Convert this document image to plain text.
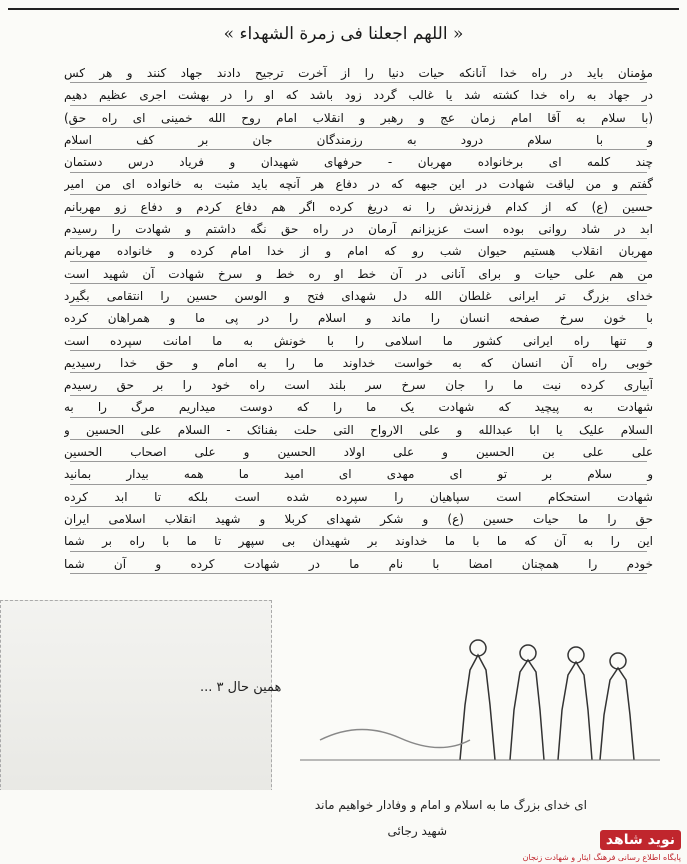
« اللهم اجعلنا فی زمرة الشهداء »
مؤمنان باید در راه خدا آنانکه حیات دنیا را از آخرت ترجیح دادند جهاد کنند و هر کس
در جهاد به راه خدا کشته شد یا غالب گردد زود باشد که او را در بهشت اجری عظیم دهیم
(با سلام به آقا امام زمان عج و رهبر و انقلاب امام روح الله خمینی ای راه حق)
و با سلام درود به رزمندگان جان بر کف اسلام
چند کلمه ای برخانواده مهربان - حرفهای شهیدان و فریاد درس دستمان
گفتم و من لیاقت شهادت در این جبهه که در دفاع هر آنچه باید مثبت به خانواده ای من امیر
حسین (ع) که از کدام فرزندش را نه دریغ کرده اگر هم دفاع کردم و دفاع زو مهربانم
ابد در شاد روانی بوده است عزیزانم آرمان در راه حق نگه داشتم و شهادت را رسیدم
مهربان انقلاب هستیم حیوان شب رو که امام و از خدا امام کرده و خانواده مهربانم
من هم علی حیات و برای آنانی در آن خط او ره خط و سرخ شهادت آن شهید است
خدای بزرگ تر ایرانی غلطان الله دل شهدای فتح و الوسن حسین را انتقامی بگیرد
با خون سرخ صفحه انسان را ماند و اسلام را در پی ما و همراهان کرده
و تنها راه ایرانی کشور ما اسلامی را با خونش به ما امانت سپرده است
خوبی راه آن انسان که به خواست خداوند ما را به امام و حق خدا رسیدیم
آبیاری کرده نیت ما را جان سرخ سر بلند است راه خود را بر حق رسیدم
شهادت به پیچید که شهادت یک ما را که دوست میداریم مرگ را به
السلام علیک یا ابا عبدالله و علی الارواح التی حلت بفنائک - السلام علی الحسین و
علی علی بن الحسین و علی اولاد الحسین و علی اصحاب الحسین
و سلام بر تو ای مهدی ای امید ما همه بیدار بمانید
شهادت استحکام است سپاهیان را سپرده شده است بلکه تا ابد کرده
حق را ما حیات حسین (ع) و شکر شهدای کربلا و شهید انقلاب اسلامی ایران
این را به آن که ما با ما خداوند بر شهیدان بی سپهر تا ما با راه بر شما
خودم را همچنان امضا با نام ما در شهادت کرده و آن شما
همین حال ۳ ...
ای خدای بزرگ ما به اسلام و امام و وفادار خواهیم ماند
شهید رجائی
نوید شاهد
پایگاه اطلاع رسانی فرهنگ ایثار و شهادت زنجان
